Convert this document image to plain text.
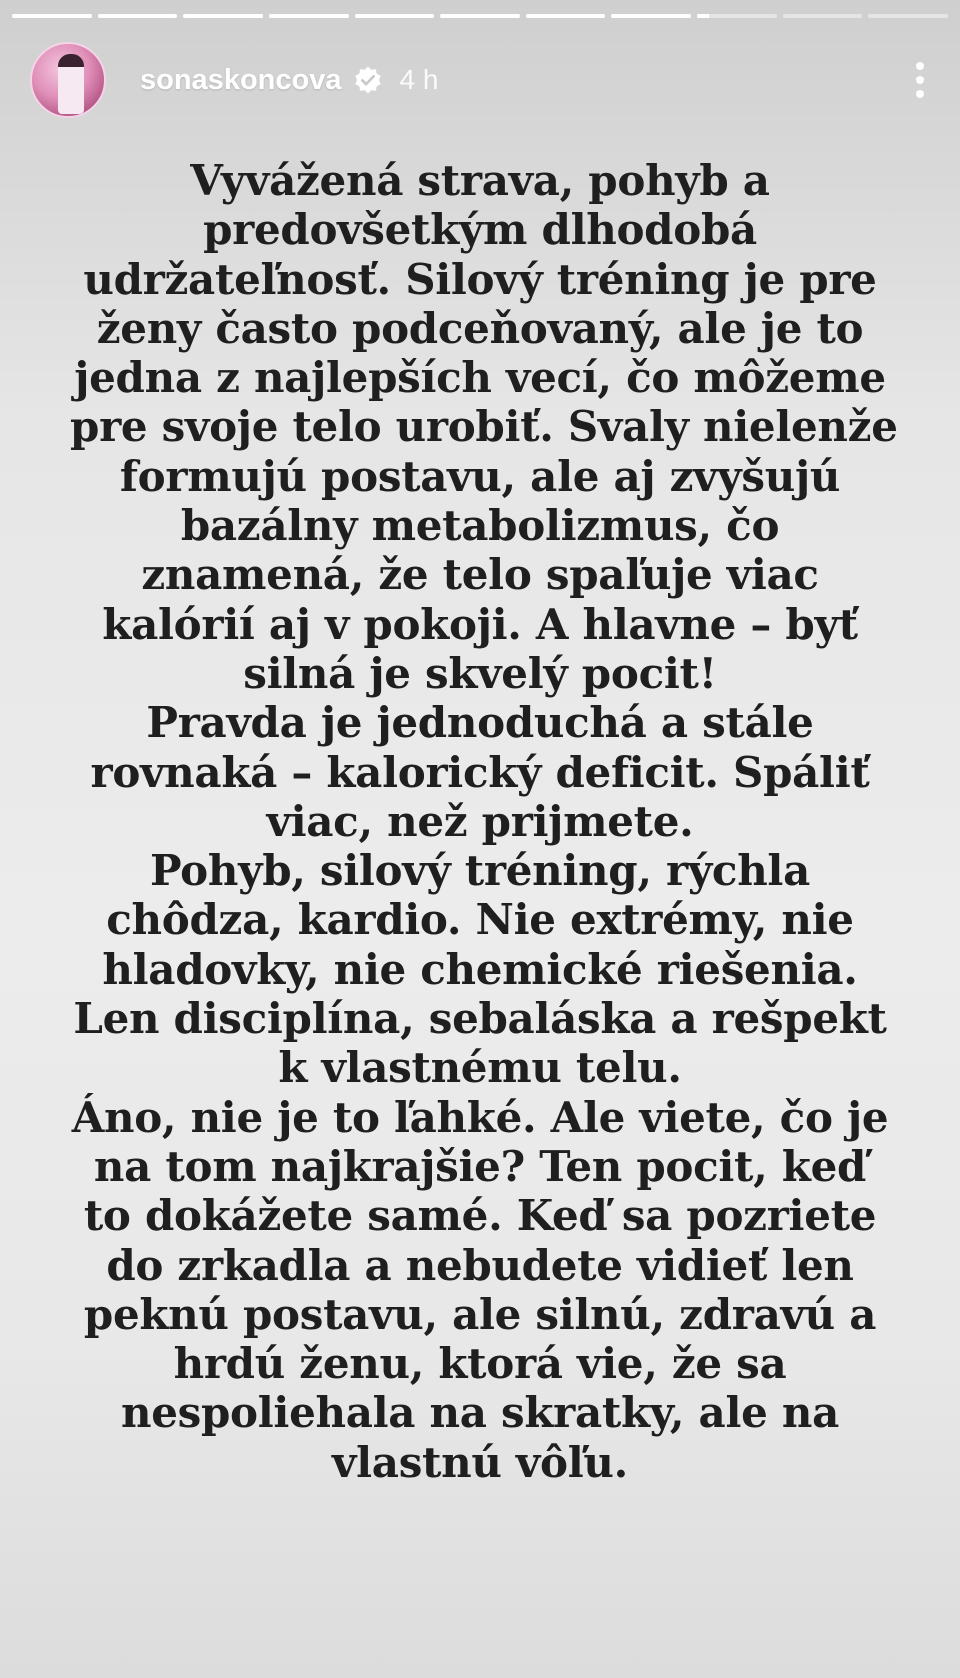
sonaskoncova 4 h
Vyvážená strava, pohyb a
predovšetkým dlhodobá
udržateľnosť. Silový tréning je pre
ženy často podceňovaný, ale je to
jedna z najlepších vecí, čo môžeme
pre svoje telo urobiť. Svaly nielenže
formujú postavu, ale aj zvyšujú
bazálny metabolizmus, čo
znamená, že telo spaľuje viac
kalórií aj v pokoji. A hlavne – byť
silná je skvelý pocit!
Pravda je jednoduchá a stále
rovnaká – kalorický deficit. Spáliť
viac, než prijmete.
Pohyb, silový tréning, rýchla
chôdza, kardio. Nie extrémy, nie
hladovky, nie chemické riešenia.
Len disciplína, sebaláska a rešpekt
k vlastnému telu.
Áno, nie je to ľahké. Ale viete, čo je
na tom najkrajšie? Ten pocit, keď
to dokážete samé. Keď sa pozriete
do zrkadla a nebudete vidieť len
peknú postavu, ale silnú, zdravú a
hrdú ženu, ktorá vie, že sa
nespoliehala na skratky, ale na
vlastnú vôľu.
